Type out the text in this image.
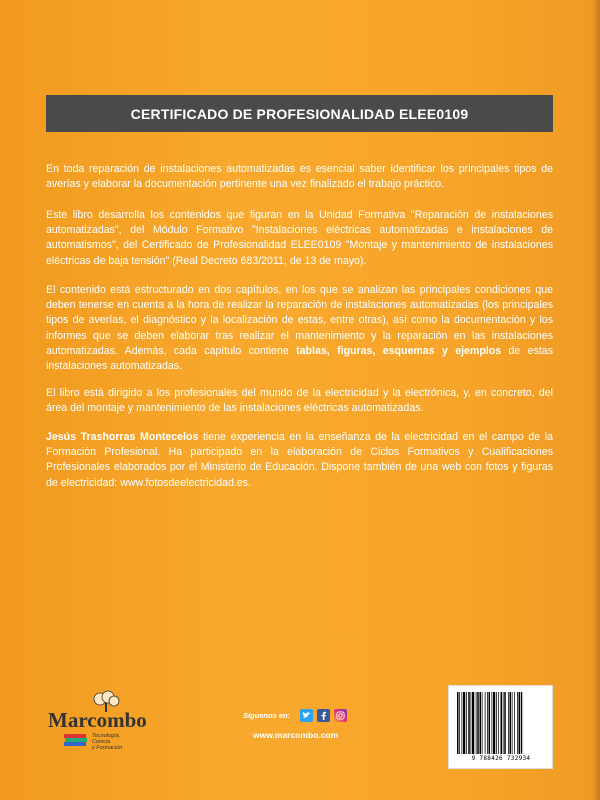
CERTIFICADO DE PROFESIONALIDAD ELEE0109
En toda reparación de instalaciones automatizadas es esencial saber identificar los principales tipos de averías y elaborar la documentación pertinente una vez finalizado el trabajo práctico.
Este libro desarrolla los contenidos que figuran en la Unidad Formativa "Reparación de instalaciones automatizadas", del Módulo Formativo "Instalaciones eléctricas automatizadas e instalaciones de automatismos", del Certificado de Profesionalidad ELEE0109 "Montaje y mantenimiento de instalaciones eléctricas de baja tensión" (Real Decreto 683/2011, de 13 de mayo).
El contenido está estructurado en dos capítulos, en los que se analizan las principales condiciones que deben tenerse en cuenta a la hora de realizar la reparación de instalaciones automatizadas (los principales tipos de averías, el diagnóstico y la localización de estas, entre otras), así como la documentación y los informes que se deben elaborar tras realizar el mantenimiento y la reparación en las instalaciones automatizadas. Además, cada capítulo contiene tablas, figuras, esquemas y ejemplos de estas instalaciones automatizadas.
El libro está dirigido a los profesionales del mundo de la electricidad y la electrónica, y, en concreto, del área del montaje y mantenimiento de las instalaciones eléctricas automatizadas.
Jesús Trashorras Montecelos tiene experiencia en la enseñanza de la electricidad en el campo de la Formación Profesional. Ha participado en la elaboración de Ciclos Formativos y Cualificaciones Profesionales elaborados por el Ministerio de Educación. Dispone también de una web con fotos y figuras de electricidad: www.fotosdeelectricidad.es.
Marcombo
Tecnología,
Ciencia
y Formación
Síguenos en:
www.marcombo.com
9 788426 732934
